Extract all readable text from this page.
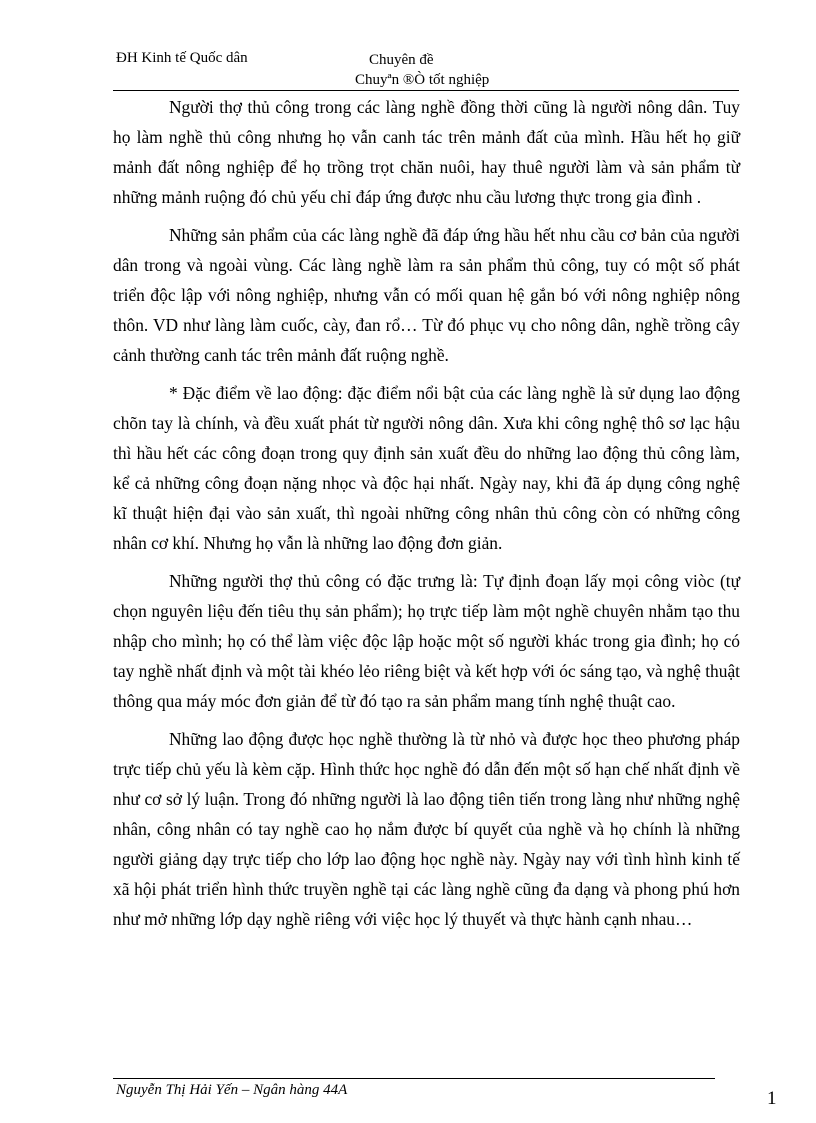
ĐH Kinh tế Quốc dân	Chuyên đề
Chuyªn ®Ò tốt nghiệp

Người thợ thủ công trong các làng nghề đồng thời cũng là người nông dân. Tuy họ làm nghề thủ công nhưng họ vẫn canh tác trên mảnh đất của mình. Hầu hết họ giữ mảnh đất nông nghiệp để họ trồng trọt chăn nuôi, hay thuê người làm và sản phẩm từ những mảnh ruộng đó chủ yếu chỉ đáp ứng được nhu cầu lương thực trong gia đình .

Những sản phẩm của các làng nghề đã đáp ứng hầu hết nhu cầu cơ bản của người dân trong và ngoài vùng. Các làng nghề làm ra sản phẩm thủ công, tuy có một số phát triển độc lập với nông nghiệp, nhưng vẫn có mối quan hệ gắn bó với nông nghiệp nông thôn. VD như làng làm cuốc, cày, đan rổ… Từ đó phục vụ cho nông dân, nghề trồng cây cảnh thường canh tác trên mảnh đất ruộng nghề.

* Đặc điểm về lao động: đặc điểm nổi bật của các làng nghề là sử dụng lao động chõn tay là chính, và đều xuất phát từ người nông dân. Xưa khi công nghệ thô sơ lạc hậu thì hầu hết các công đoạn trong quy định sản xuất đều do những lao động thủ công làm, kể cả những công đoạn nặng nhọc và độc hại nhất. Ngày nay, khi đã áp dụng công nghệ kĩ thuật hiện đại vào sản xuất, thì ngoài những công nhân thủ công còn có những công nhân cơ khí. Nhưng họ vẫn là những lao động đơn giản.

Những người thợ thủ công có đặc trưng là: Tự định đoạn lấy mọi công viòc (tự chọn nguyên liệu đến tiêu thụ sản phẩm); họ trực tiếp làm một nghề chuyên nhằm tạo thu nhập cho mình; họ có thể làm việc độc lập hoặc một số người khác trong gia đình; họ có tay nghề nhất định và một tài khéo lẻo riêng biệt và kết hợp với óc sáng tạo, và nghệ thuật thông qua máy móc đơn giản để từ đó tạo ra sản phẩm mang tính nghệ thuật cao.

Những lao động được học nghề thường là từ nhỏ và được học theo phương pháp trực tiếp chủ yếu là kèm cặp. Hình thức học nghề đó dẫn đến một số hạn chế nhất định về như cơ sở lý luận. Trong đó những người là lao động tiên tiến trong làng như những nghệ nhân, công nhân có tay nghề cao họ nắm được bí quyết của nghề và họ chính là những người giảng dạy trực tiếp cho lớp lao động học nghề này. Ngày nay với tình hình kinh tế xã hội phát triển hình thức truyền nghề tại các làng nghề cũng đa dạng và phong phú hơn như mở những lớp dạy nghề riêng với việc học lý thuyết và thực hành cạnh nhau…

Nguyễn Thị Hải Yến – Ngân hàng 44A	1
